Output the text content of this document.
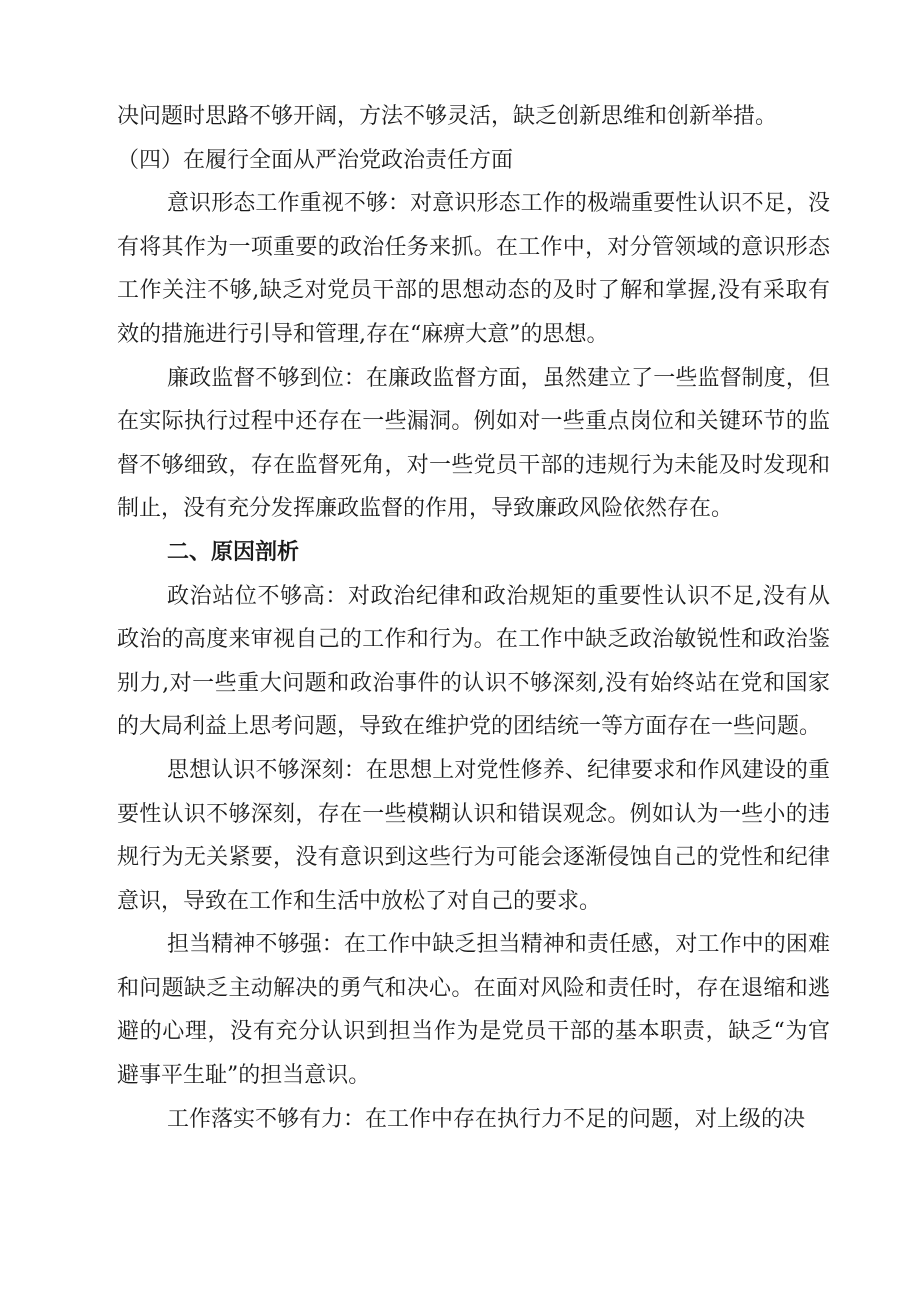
决问题时思路不够开阔，方法不够灵活，缺乏创新思维和创新举措。

（四）在履行全面从严治党政治责任方面

意识形态工作重视不够：对意识形态工作的极端重要性认识不足，没有将其作为一项重要的政治任务来抓。在工作中，对分管领域的意识形态工作关注不够,缺乏对党员干部的思想动态的及时了解和掌握,没有采取有效的措施进行引导和管理,存在“麻痹大意”的思想。

廉政监督不够到位：在廉政监督方面，虽然建立了一些监督制度，但在实际执行过程中还存在一些漏洞。例如对一些重点岗位和关键环节的监督不够细致，存在监督死角，对一些党员干部的违规行为未能及时发现和制止，没有充分发挥廉政监督的作用，导致廉政风险依然存在。

二、原因剖析

政治站位不够高：对政治纪律和政治规矩的重要性认识不足,没有从政治的高度来审视自己的工作和行为。在工作中缺乏政治敏锐性和政治鉴别力,对一些重大问题和政治事件的认识不够深刻,没有始终站在党和国家的大局利益上思考问题，导致在维护党的团结统一等方面存在一些问题。

思想认识不够深刻：在思想上对党性修养、纪律要求和作风建设的重要性认识不够深刻，存在一些模糊认识和错误观念。例如认为一些小的违规行为无关紧要，没有意识到这些行为可能会逐渐侵蚀自己的党性和纪律意识，导致在工作和生活中放松了对自己的要求。

担当精神不够强：在工作中缺乏担当精神和责任感，对工作中的困难和问题缺乏主动解决的勇气和决心。在面对风险和责任时，存在退缩和逃避的心理，没有充分认识到担当作为是党员干部的基本职责，缺乏“为官避事平生耻”的担当意识。

工作落实不够有力：在工作中存在执行力不足的问题，对上级的决
